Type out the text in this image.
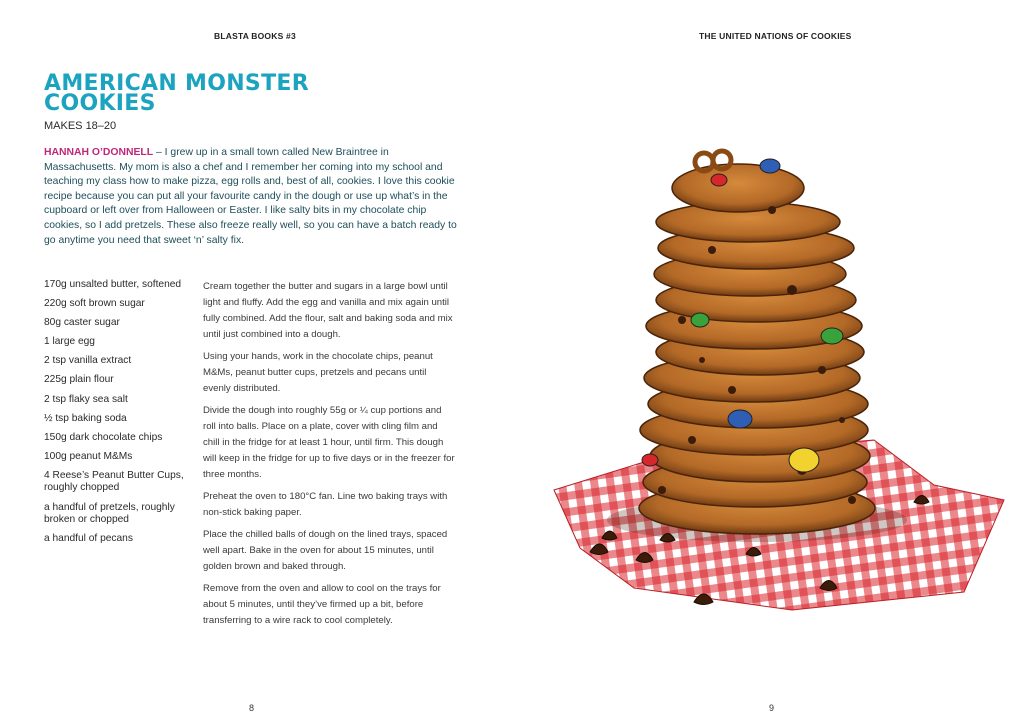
BLASTA BOOKS #3
AMERICAN MONSTER
COOKIES
MAKES 18–20

HANNAH O’DONNELL – I grew up in a small town called New Braintree in Massachusetts. My mom is also a chef and I remember her coming into my school and teaching my class how to make pizza, egg rolls and, best of all, cookies. I love this cookie recipe because you can put all your favourite candy in the dough or use up what’s in the cupboard or left over from Halloween or Easter. I like salty bits in my chocolate chip cookies, so I add pretzels. These also freeze really well, so you can have a batch ready to go anytime you need that sweet ‘n’ salty fix.

170g unsalted butter, softened
220g soft brown sugar
80g caster sugar
1 large egg
2 tsp vanilla extract
225g plain flour
2 tsp flaky sea salt
½ tsp baking soda
150g dark chocolate chips
100g peanut M&Ms
4 Reese’s Peanut Butter Cups, roughly chopped
a handful of pretzels, roughly broken or chopped
a handful of pecans

Cream together the butter and sugars in a large bowl until light and fluffy. Add the egg and vanilla and mix again until fully combined. Add the flour, salt and baking soda and mix until just combined into a dough.

Using your hands, work in the chocolate chips, peanut M&Ms, peanut butter cups, pretzels and pecans until evenly distributed.

Divide the dough into roughly 55g or ¼ cup portions and roll into balls. Place on a plate, cover with cling film and chill in the fridge for at least 1 hour, until firm. This dough will keep in the fridge for up to five days or in the freezer for three months.

Preheat the oven to 180°C fan. Line two baking trays with non-stick baking paper.

Place the chilled balls of dough on the lined trays, spaced well apart. Bake in the oven for about 15 minutes, until golden brown and baked through.

Remove from the oven and allow to cool on the trays for about 5 minutes, until they’ve firmed up a bit, before transferring to a wire rack to cool completely.

8
THE UNITED NATIONS OF COOKIES
9
